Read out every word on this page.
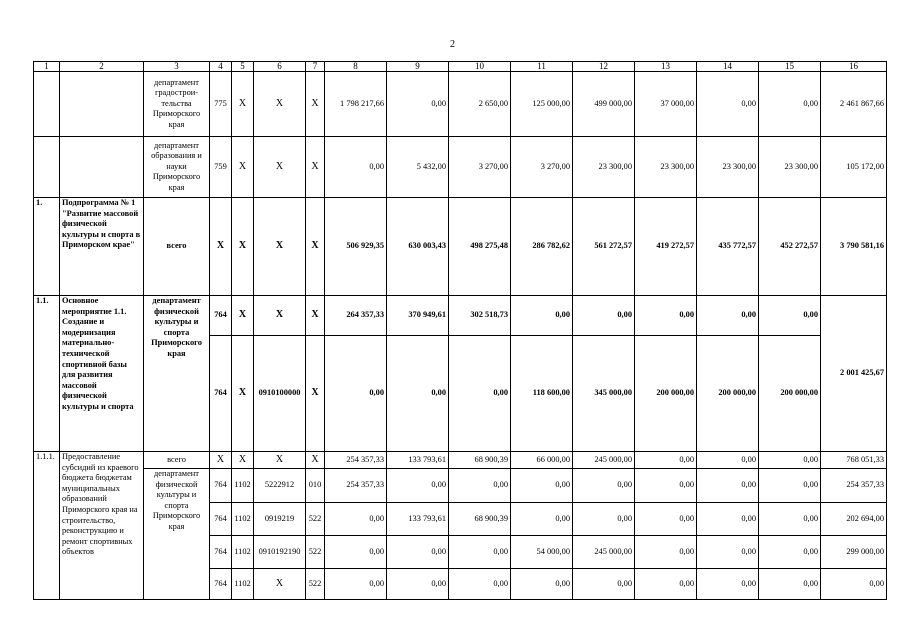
2
1	2	3	4	5	6	7	8	9	10	11	12	13	14	15	16
		департамент градострои-тельства Приморского края	775	X	X	X	1 798 217,66	0,00	2 650,00	125 000,00	499 000,00	37 000,00	0,00	0,00	2 461 867,66
		департамент образования и науки Приморского края	759	X	X	X	0,00	5 432,00	3 270,00	3 270,00	23 300,00	23 300,00	23 300,00	23 300,00	105 172,00
1.	Подпрограмма № 1 "Развитие массовой физической культуры и спорта в Приморском крае"	всего	X	X	X	X	506 929,35	630 003,43	498 275,48	286 782,62	561 272,57	419 272,57	435 772,57	452 272,57	3 790 581,16
1.1.	Основное мероприятие 1.1. Создание и модернизация материально-технической спортивной базы для развития массовой физической культуры и спорта	департамент физической культуры и спорта Приморского края	764	X	X	X	264 357,33	370 949,61	302 518,73	0,00	0,00	0,00	0,00	0,00	2 001 425,67
			764	X	0910100000	X	0,00	0,00	0,00	118 600,00	345 000,00	200 000,00	200 000,00	200 000,00	
1.1.1.	Предоставление субсидий из краевого бюджета бюджетам муниципальных образований Приморского края на строительство, реконструкцию и ремонт спортивных объектов	всего	X	X	X	X	254 357,33	133 793,61	68 900,39	66 000,00	245 000,00	0,00	0,00	0,00	768 051,33
		департамент физической культуры и спорта Приморского края	764	1102	5222912	010	254 357,33	0,00	0,00	0,00	0,00	0,00	0,00	0,00	254 357,33
			764	1102	0919219	522	0,00	133 793,61	68 900,39	0,00	0,00	0,00	0,00	0,00	202 694,00
			764	1102	0910192190	522	0,00	0,00	0,00	54 000,00	245 000,00	0,00	0,00	0,00	299 000,00
			764	1102	X	522	0,00	0,00	0,00	0,00	0,00	0,00	0,00	0,00	0,00
